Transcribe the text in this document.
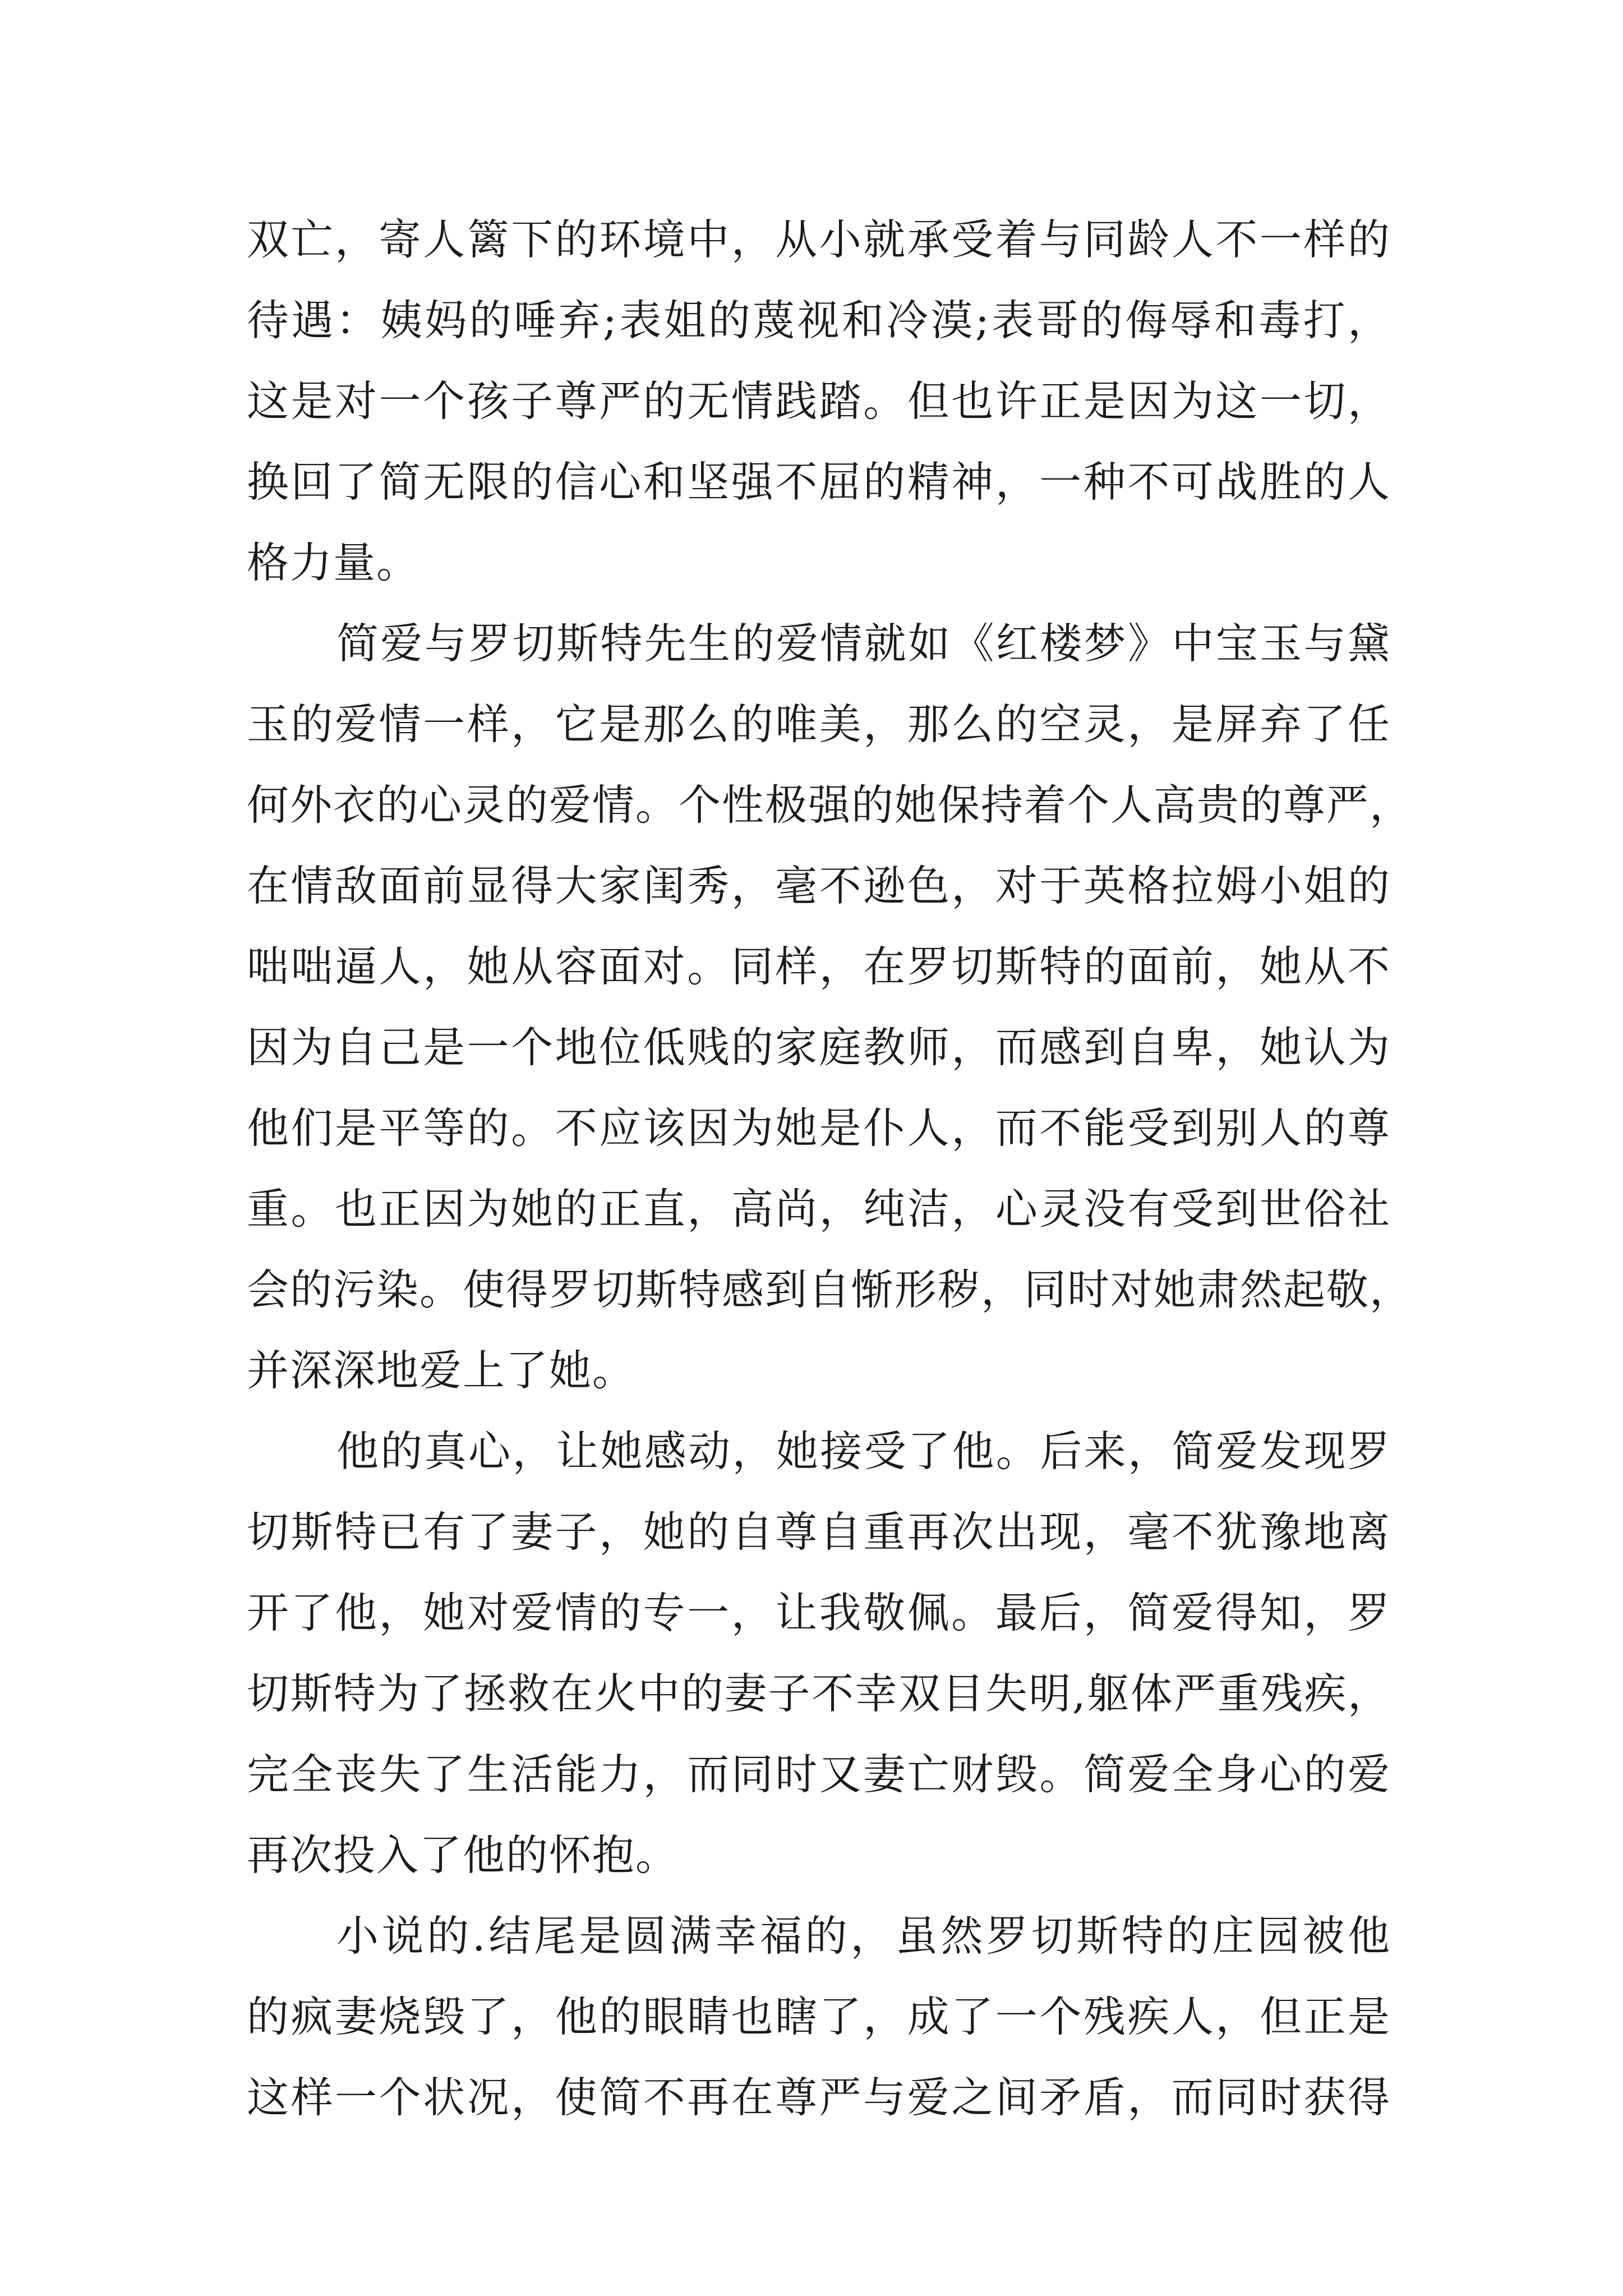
双亡，寄人篱下的环境中，从小就承受着与同龄人不一样的
待遇：姨妈的唾弃;表姐的蔑视和冷漠;表哥的侮辱和毒打，
这是对一个孩子尊严的无情践踏。但也许正是因为这一切，
换回了简无限的信心和坚强不屈的精神，一种不可战胜的人
格力量。
简爱与罗切斯特先生的爱情就如《红楼梦》中宝玉与黛
玉的爱情一样，它是那么的唯美，那么的空灵，是屏弃了任
何外衣的心灵的爱情。个性极强的她保持着个人高贵的尊严，
在情敌面前显得大家闺秀，毫不逊色，对于英格拉姆小姐的
咄咄逼人，她从容面对。同样，在罗切斯特的面前，她从不
因为自己是一个地位低贱的家庭教师，而感到自卑，她认为
他们是平等的。不应该因为她是仆人，而不能受到别人的尊
重。也正因为她的正直，高尚，纯洁，心灵没有受到世俗社
会的污染。使得罗切斯特感到自惭形秽，同时对她肃然起敬，
并深深地爱上了她。
他的真心，让她感动，她接受了他。后来，简爱发现罗
切斯特已有了妻子，她的自尊自重再次出现，毫不犹豫地离
开了他，她对爱情的专一，让我敬佩。最后，简爱得知，罗
切斯特为了拯救在火中的妻子不幸双目失明,躯体严重残疾，
完全丧失了生活能力，而同时又妻亡财毁。简爱全身心的爱
再次投入了他的怀抱。
小说的.结尾是圆满幸福的，虽然罗切斯特的庄园被他
的疯妻烧毁了，他的眼睛也瞎了，成了一个残疾人，但正是
这样一个状况，使简不再在尊严与爱之间矛盾，而同时获得
